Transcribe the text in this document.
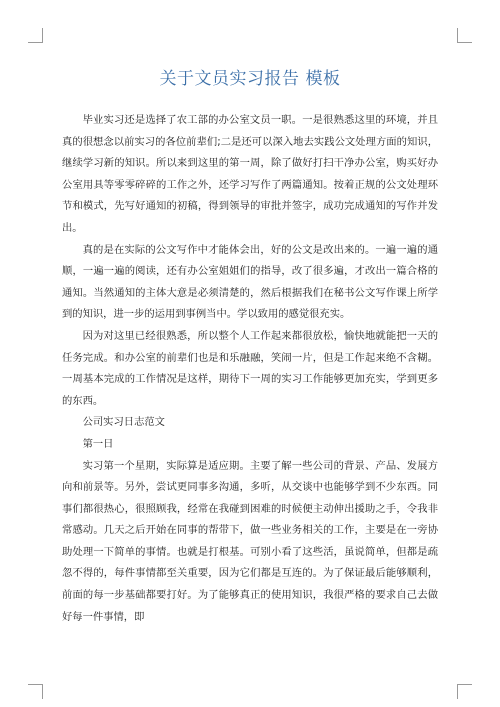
关于文员实习报告 模板

毕业实习还是选择了农工部的办公室文员一职。一是很熟悉这里的环境，并且真的很想念以前实习的各位前辈们;二是还可以深入地去实践公文处理方面的知识，继续学习新的知识。所以来到这里的第一周，除了做好打扫干净办公室，购买好办公室用具等零零碎碎的工作之外，还学习写作了两篇通知。按着正规的公文处理环节和模式，先写好通知的初稿，得到领导的审批并签字，成功完成通知的写作并发出。

真的是在实际的公文写作中才能体会出，好的公文是改出来的。一遍一遍的通顺，一遍一遍的阅读，还有办公室姐姐们的指导，改了很多遍，才改出一篇合格的通知。当然通知的主体大意是必须清楚的，然后根据我们在秘书公文写作课上所学到的知识，进一步的运用到事例当中。学以致用的感觉很充实。

因为对这里已经很熟悉，所以整个人工作起来都很放松，愉快地就能把一天的任务完成。和办公室的前辈们也是和乐融融，笑闹一片，但是工作起来绝不含糊。一周基本完成的工作情况是这样，期待下一周的实习工作能够更加充实，学到更多的东西。

公司实习日志范文

第一日

实习第一个星期，实际算是适应期。主要了解一些公司的背景、产品、发展方向和前景等。另外，尝试更同事多沟通，多听，从交谈中也能够学到不少东西。同事们都很热心，很照顾我，经常在我碰到困难的时候便主动伸出援助之手，令我非常感动。几天之后开始在同事的帮带下，做一些业务相关的工作，主要是在一旁协助处理一下简单的事情。也就是打根基。可别小看了这些活，虽说简单，但都是疏忽不得的，每件事情都至关重要，因为它们都是互连的。为了保证最后能够顺利，前面的每一步基础都要打好。为了能够真正的使用知识，我很严格的要求自己去做好每一件事情，即
